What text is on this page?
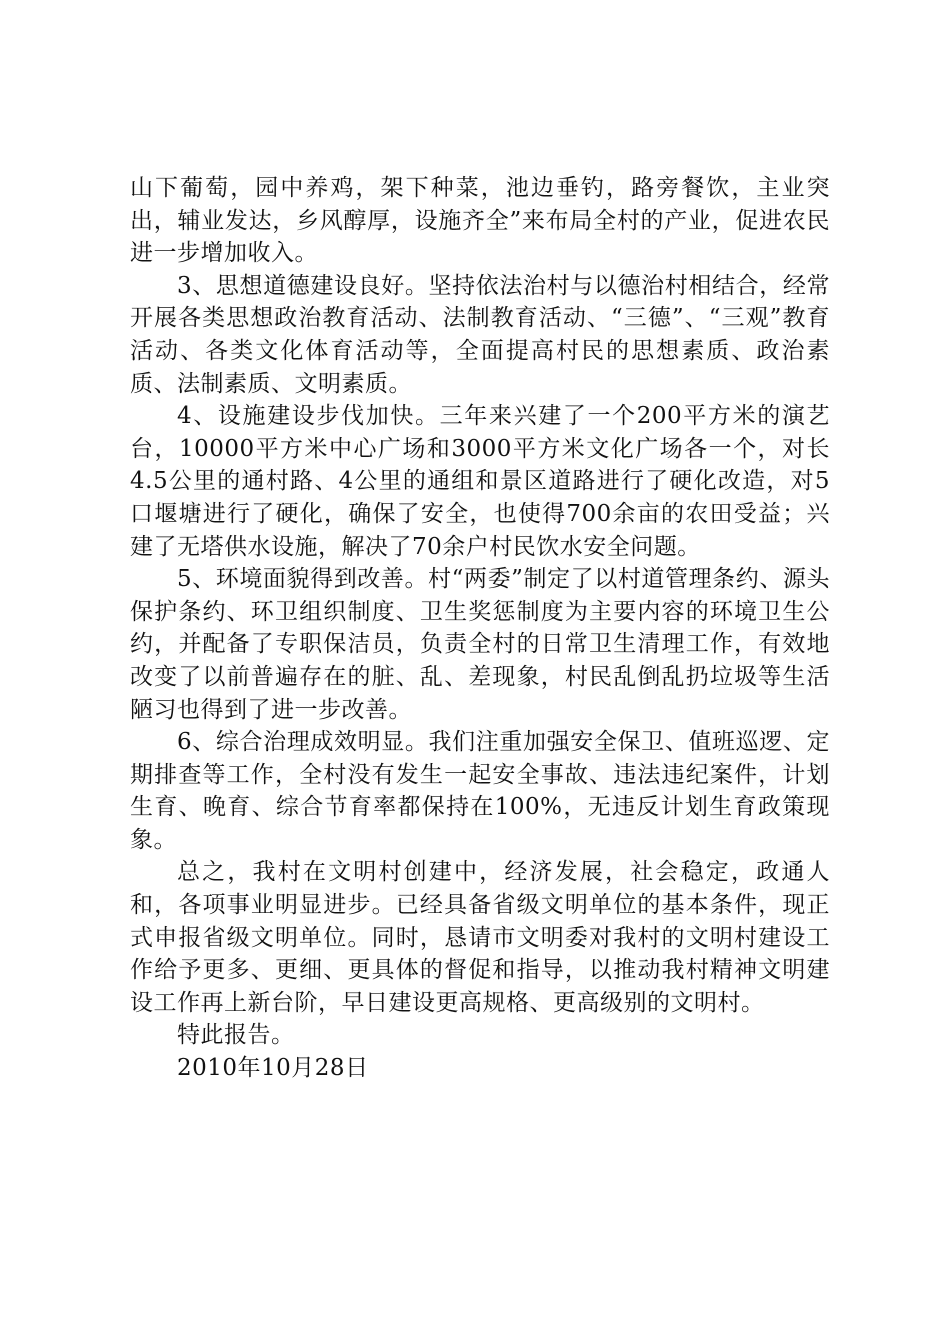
山下葡萄，园中养鸡，架下种菜，池边垂钓，路旁餐饮，主业突出，辅业发达，乡风醇厚，设施齐全”来布局全村的产业，促进农民进一步增加收入。

3、思想道德建设良好。坚持依法治村与以德治村相结合，经常开展各类思想政治教育活动、法制教育活动、“三德”、“三观”教育活动、各类文化体育活动等，全面提高村民的思想素质、政治素质、法制素质、文明素质。

4、设施建设步伐加快。三年来兴建了一个200平方米的演艺台，10000平方米中心广场和3000平方米文化广场各一个，对长4.5公里的通村路、4公里的通组和景区道路进行了硬化改造，对5口堰塘进行了硬化，确保了安全，也使得700余亩的农田受益；兴建了无塔供水设施，解决了70余户村民饮水安全问题。

5、环境面貌得到改善。村“两委”制定了以村道管理条约、源头保护条约、环卫组织制度、卫生奖惩制度为主要内容的环境卫生公约，并配备了专职保洁员，负责全村的日常卫生清理工作，有效地改变了以前普遍存在的脏、乱、差现象，村民乱倒乱扔垃圾等生活陋习也得到了进一步改善。

6、综合治理成效明显。我们注重加强安全保卫、值班巡逻、定期排查等工作，全村没有发生一起安全事故、违法违纪案件，计划生育、晚育、综合节育率都保持在100%，无违反计划生育政策现象。

总之，我村在文明村创建中，经济发展，社会稳定，政通人和，各项事业明显进步。已经具备省级文明单位的基本条件，现正式申报省级文明单位。同时，恳请市文明委对我村的文明村建设工作给予更多、更细、更具体的督促和指导，以推动我村精神文明建设工作再上新台阶，早日建设更高规格、更高级别的文明村。

特此报告。

2010年10月28日
